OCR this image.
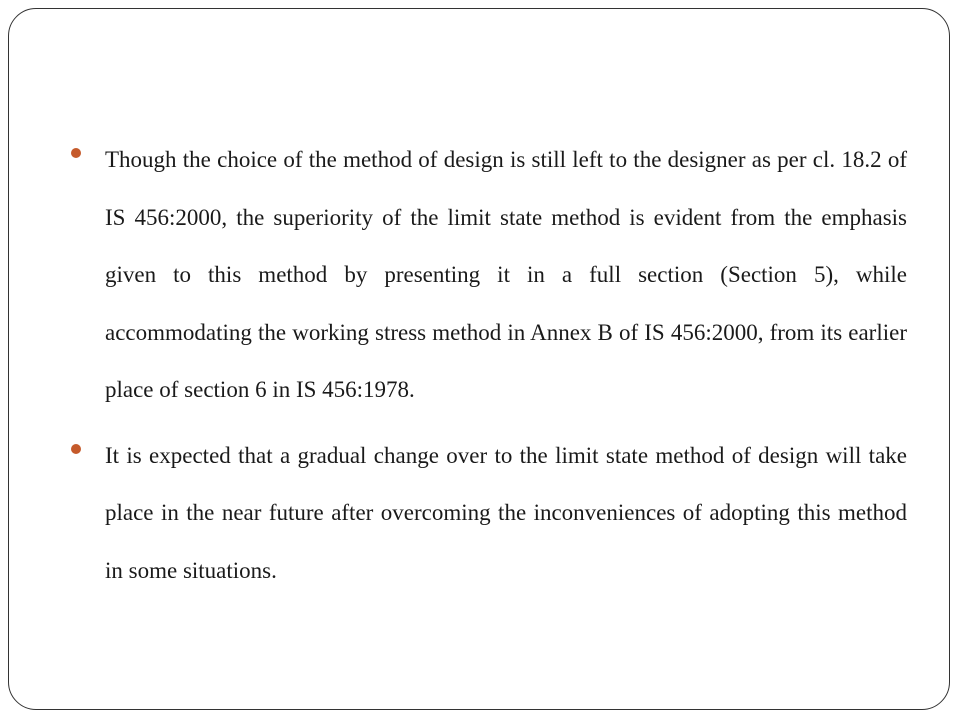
Though the choice of the method of design is still left to the designer as per cl. 18.2 of IS 456:2000, the superiority of the limit state method is evident from the emphasis given to this method by presenting it in a full section (Section 5), while accommodating the working stress method in Annex B of IS 456:2000, from its earlier place of section 6 in IS 456:1978.
It is expected that a gradual change over to the limit state method of design will take place in the near future after overcoming the inconveniences of adopting this method in some situations.
